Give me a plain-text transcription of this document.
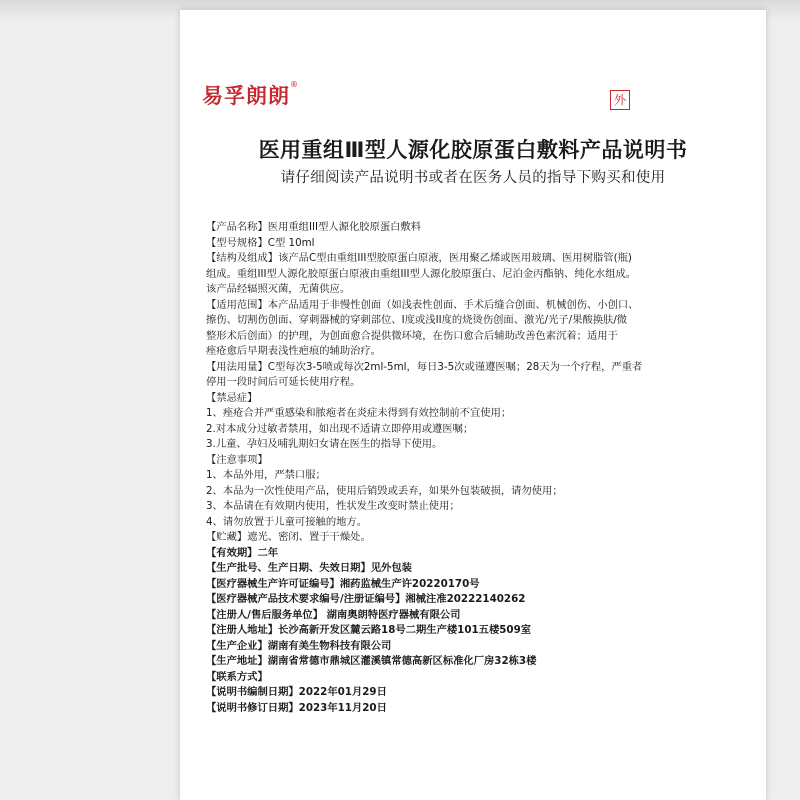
易孚朗朗®
外
医用重组Ⅲ型人源化胶原蛋白敷料产品说明书
请仔细阅读产品说明书或者在医务人员的指导下购买和使用
【产品名称】医用重组III型人源化胶原蛋白敷料
【型号规格】C型 10ml
【结构及组成】该产品C型由重组III型胶原蛋白原液，医用聚乙烯或医用玻璃、医用树脂管(瓶)
组成。重组III型人源化胶原蛋白原液由重组III型人源化胶原蛋白、尼泊金丙酯钠、纯化水组成。
该产品经辐照灭菌，无菌供应。
【适用范围】本产品适用于非慢性创面（如浅表性创面、手术后缝合创面、机械创伤、小创口、
擦伤、切割伤创面、穿刺器械的穿刺部位、I度或浅II度的烧烫伤创面、激光/光子/果酸换肤/微
整形术后创面）的护理，为创面愈合提供微环境，在伤口愈合后辅助改善色素沉着；适用于
痤疮愈后早期表浅性疤痕的辅助治疗。
【用法用量】C型每次3-5喷或每次2ml-5ml，每日3-5次或谨遵医嘱；28天为一个疗程，严重者
停用一段时间后可延长使用疗程。
【禁忌症】
1、痤疮合并严重感染和脓疱者在炎症未得到有效控制前不宜使用；
2.对本成分过敏者禁用，如出现不适请立即停用或遵医嘱；
3.儿童、孕妇及哺乳期妇女请在医生的指导下使用。
【注意事项】
1、本品外用，严禁口服；
2、本品为一次性使用产品，使用后销毁或丢弃，如果外包装破损，请勿使用；
3、本品请在有效期内使用，性状发生改变时禁止使用；
4、请勿放置于儿童可接触的地方。
【贮藏】遮光、密闭、置于干燥处。
【有效期】二年
【生产批号、生产日期、失效日期】见外包装
【医疗器械生产许可证编号】湘药监械生产许20220170号
【医疗器械产品技术要求编号/注册证编号】湘械注准20222140262
【注册人/售后服务单位】 湖南奥朗特医疗器械有限公司
【注册人地址】长沙高新开发区麓云路18号二期生产楼101五楼509室
【生产企业】湖南有美生物科技有限公司
【生产地址】湖南省常德市鼎城区灌溪镇常德高新区标准化厂房32栋3楼
【联系方式】
【说明书编制日期】2022年01月29日
【说明书修订日期】2023年11月20日
